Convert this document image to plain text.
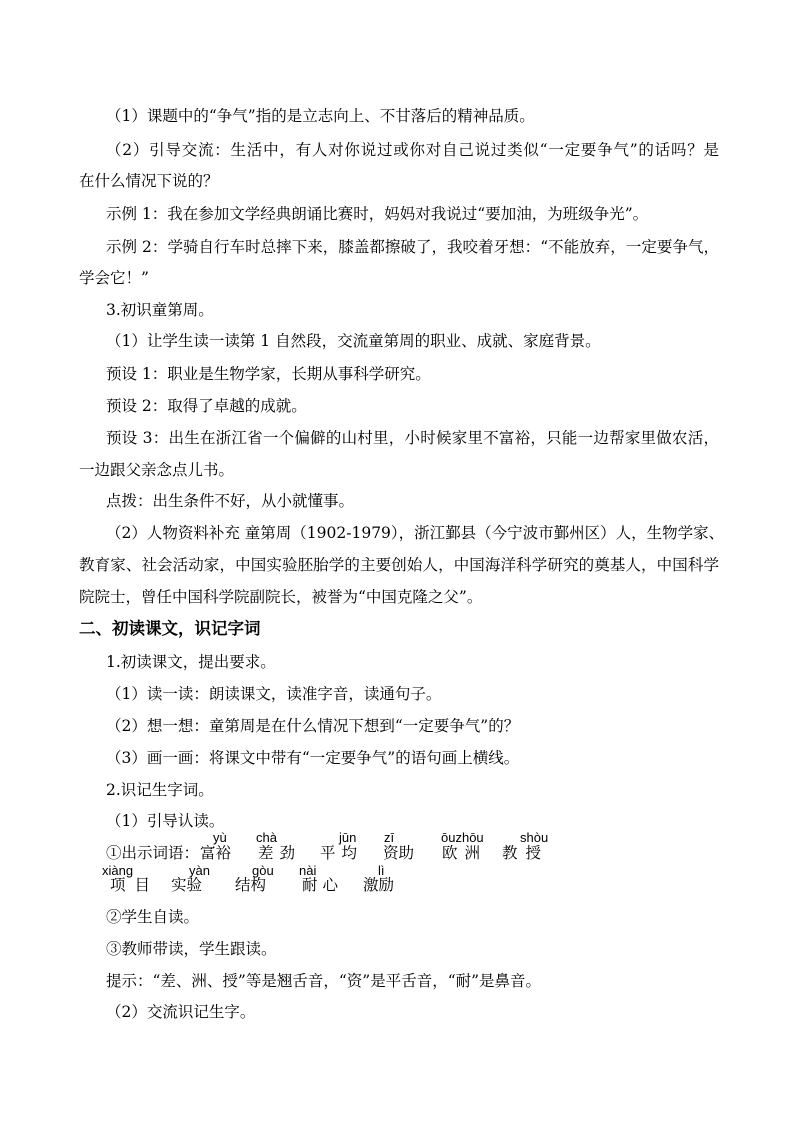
（1）课题中的“争气”指的是立志向上、不甘落后的精神品质。
（2）引导交流：生活中，有人对你说过或你对自己说过类似“一定要争气”的话吗？是
在什么情况下说的？
示例 1：我在参加文学经典朗诵比赛时，妈妈对我说过“要加油，为班级争光”。
示例 2：学骑自行车时总摔下来，膝盖都擦破了，我咬着牙想：“不能放弃，一定要争气，
学会它！”
3.初识童第周。
（1）让学生读一读第 1 自然段，交流童第周的职业、成就、家庭背景。
预设 1：职业是生物学家，长期从事科学研究。
预设 2：取得了卓越的成就。
预设 3：出生在浙江省一个偏僻的山村里，小时候家里不富裕，只能一边帮家里做农活，
一边跟父亲念点儿书。
点拨：出生条件不好，从小就懂事。
（2）人物资料补充 童第周（1902-1979），浙江鄞县（今宁波市鄞州区）人，生物学家、
教育家、社会活动家，中国实验胚胎学的主要创始人，中国海洋科学研究的奠基人，中国科学
院院士，曾任中国科学院副院长，被誉为“中国克隆之父”。
二、初读课文，识记字词
1.初读课文，提出要求。
（1）读一读：朗读课文，读准字音，读通句子。
（2）想一想：童第周是在什么情况下想到“一定要争气”的？
（3）画一画：将课文中带有“一定要争气”的语句画上横线。
2.识记生字词。
（1）引导认读。
①出示词语：
yù
富裕
chà
差劲
jūn
平均
zī
资助
ōuzhōu
欧洲
shòu
教授
xiàng
项目
yàn
实验
gòu
结构
nài
耐心
lì
激励
②学生自读。
③教师带读，学生跟读。
提示：“差、洲、授”等是翘舌音，“资”是平舌音，“耐”是鼻音。
（2）交流识记生字。
